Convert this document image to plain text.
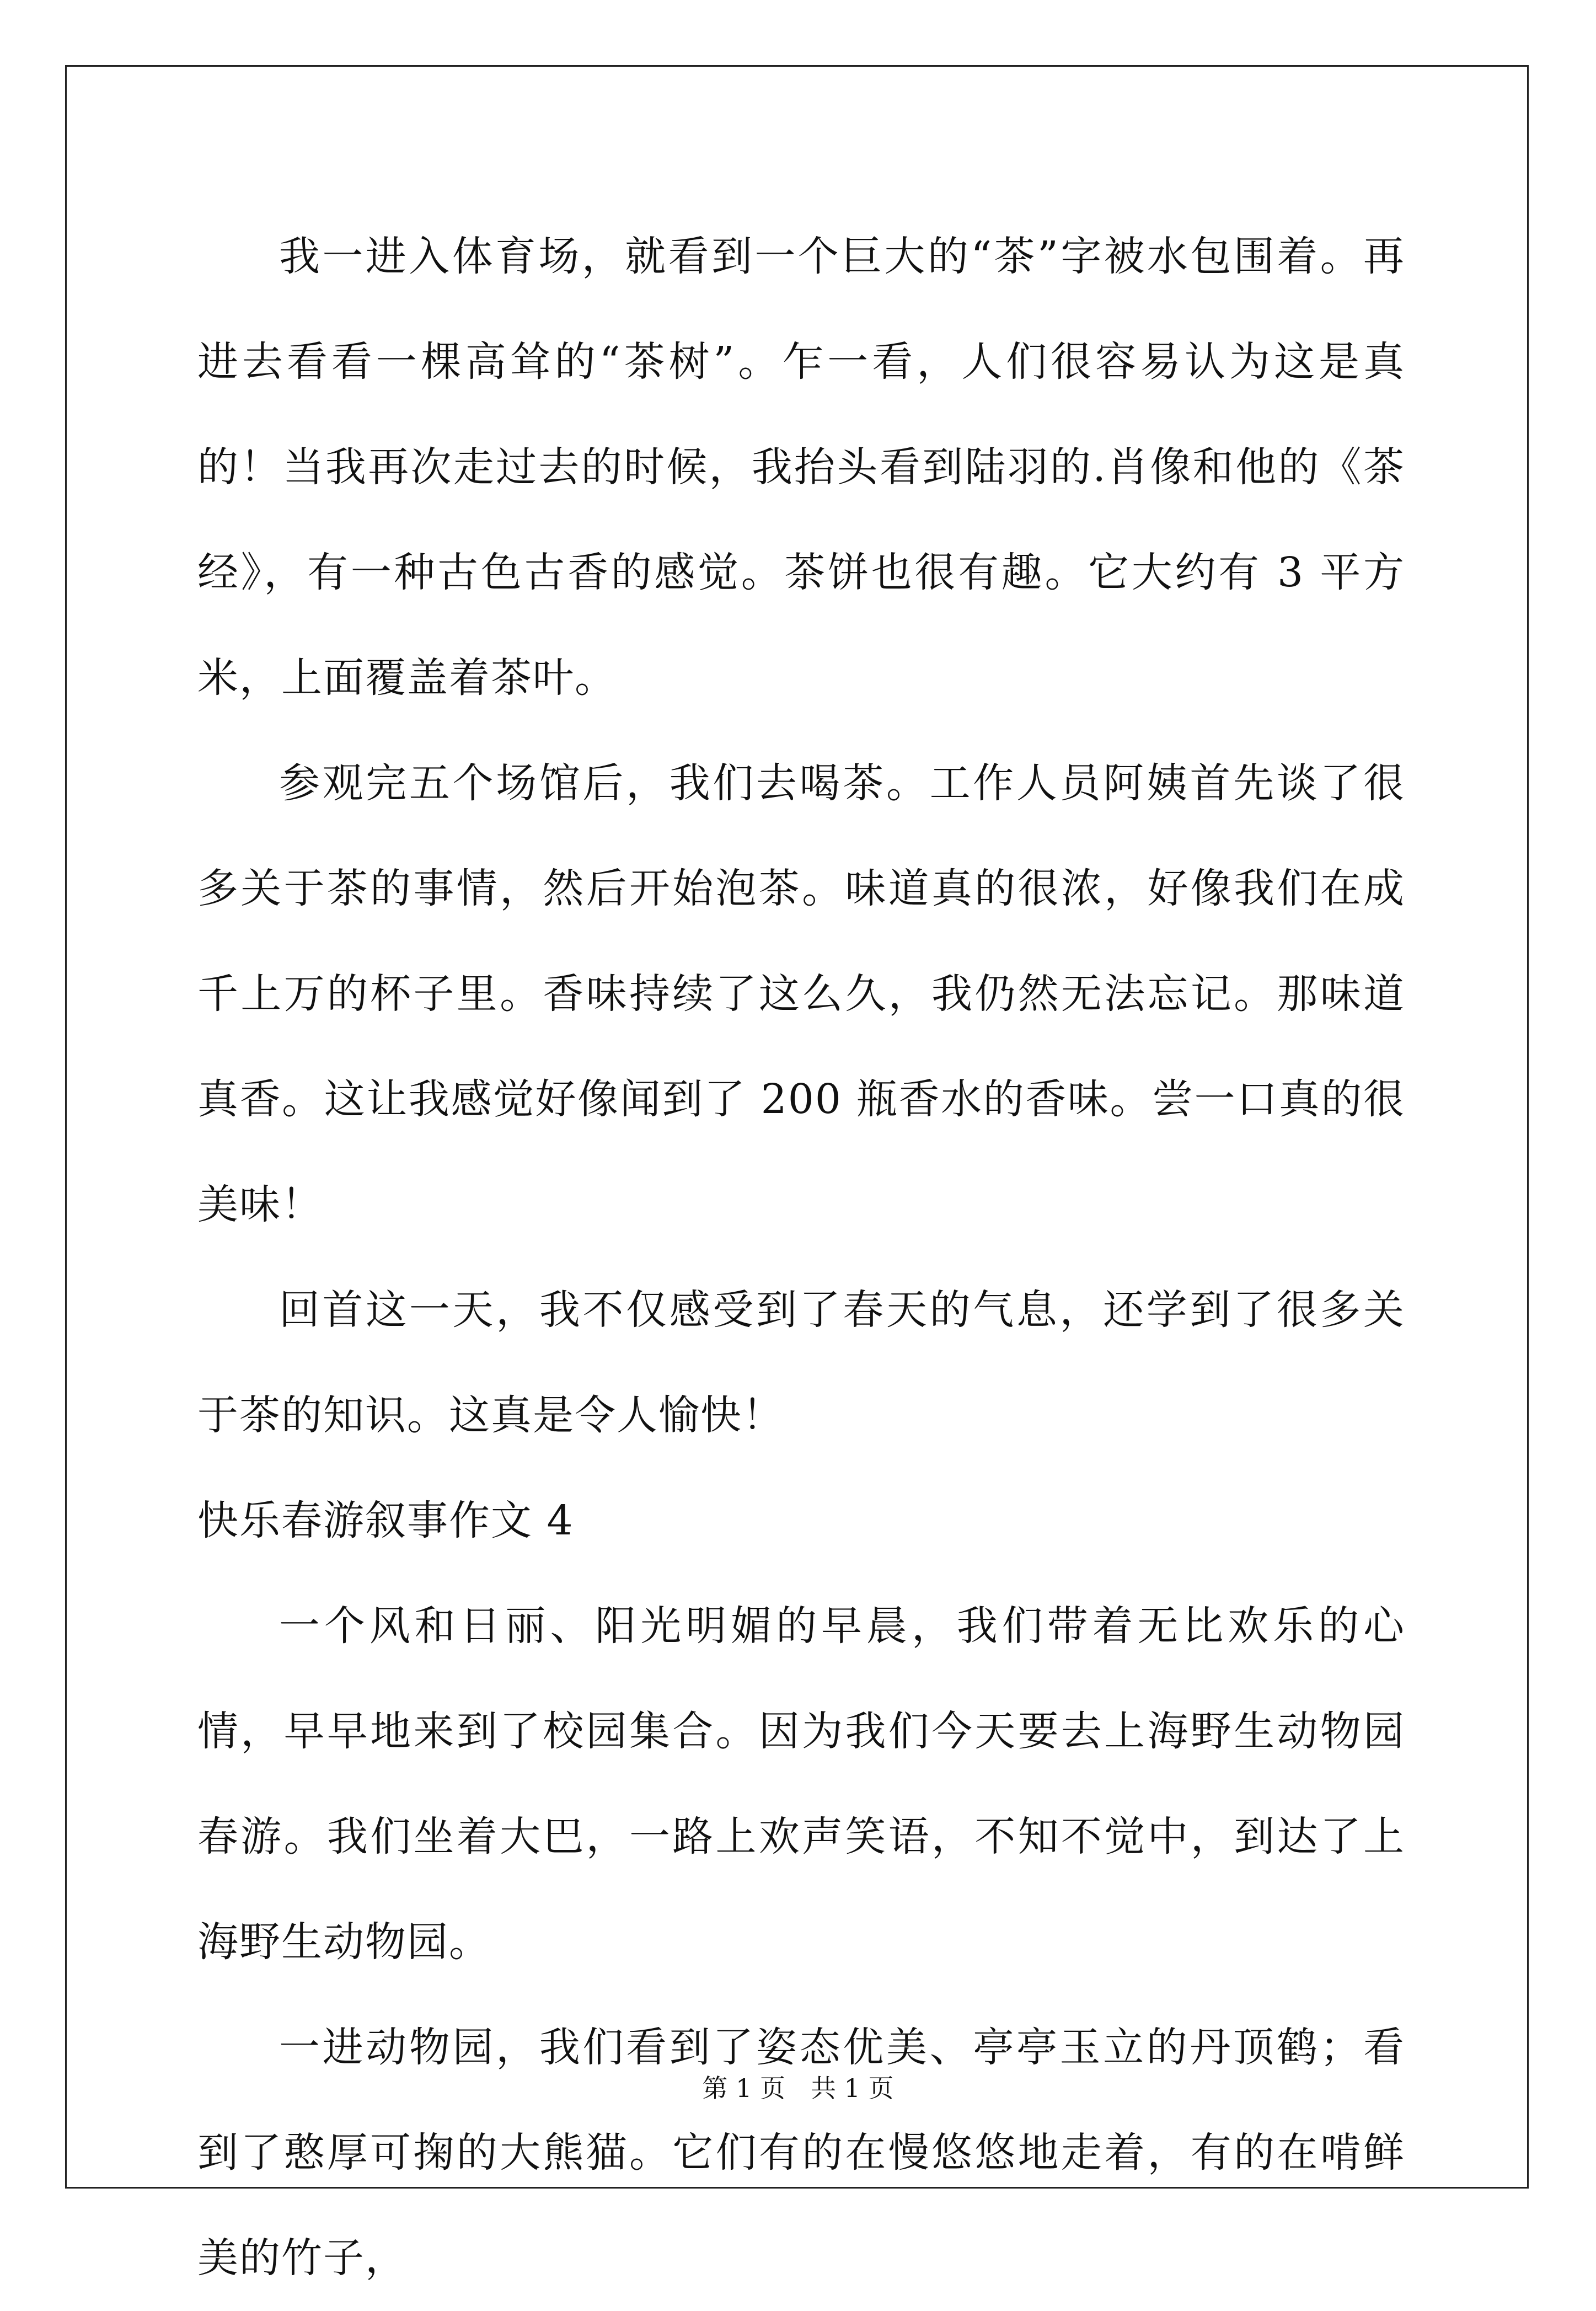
我一进入体育场，就看到一个巨大的“茶”字被水包围着。再进去看看一棵高耸的“茶树”。乍一看，人们很容易认为这是真的！当我再次走过去的时候，我抬头看到陆羽的.肖像和他的《茶经》，有一种古色古香的感觉。茶饼也很有趣。它大约有 3 平方米，上面覆盖着茶叶。

参观完五个场馆后，我们去喝茶。工作人员阿姨首先谈了很多关于茶的事情，然后开始泡茶。味道真的很浓，好像我们在成千上万的杯子里。香味持续了这么久，我仍然无法忘记。那味道真香。这让我感觉好像闻到了 200 瓶香水的香味。尝一口真的很美味！

回首这一天，我不仅感受到了春天的气息，还学到了很多关于茶的知识。这真是令人愉快！

快乐春游叙事作文 4

一个风和日丽、阳光明媚的早晨，我们带着无比欢乐的心情，早早地来到了校园集合。因为我们今天要去上海野生动物园春游。我们坐着大巴，一路上欢声笑语，不知不觉中，到达了上海野生动物园。

一进动物园，我们看到了姿态优美、亭亭玉立的丹顶鹤；看到了憨厚可掬的大熊猫。它们有的在慢悠悠地走着，有的在啃鲜美的竹子，

第 1 页　共 1 页
